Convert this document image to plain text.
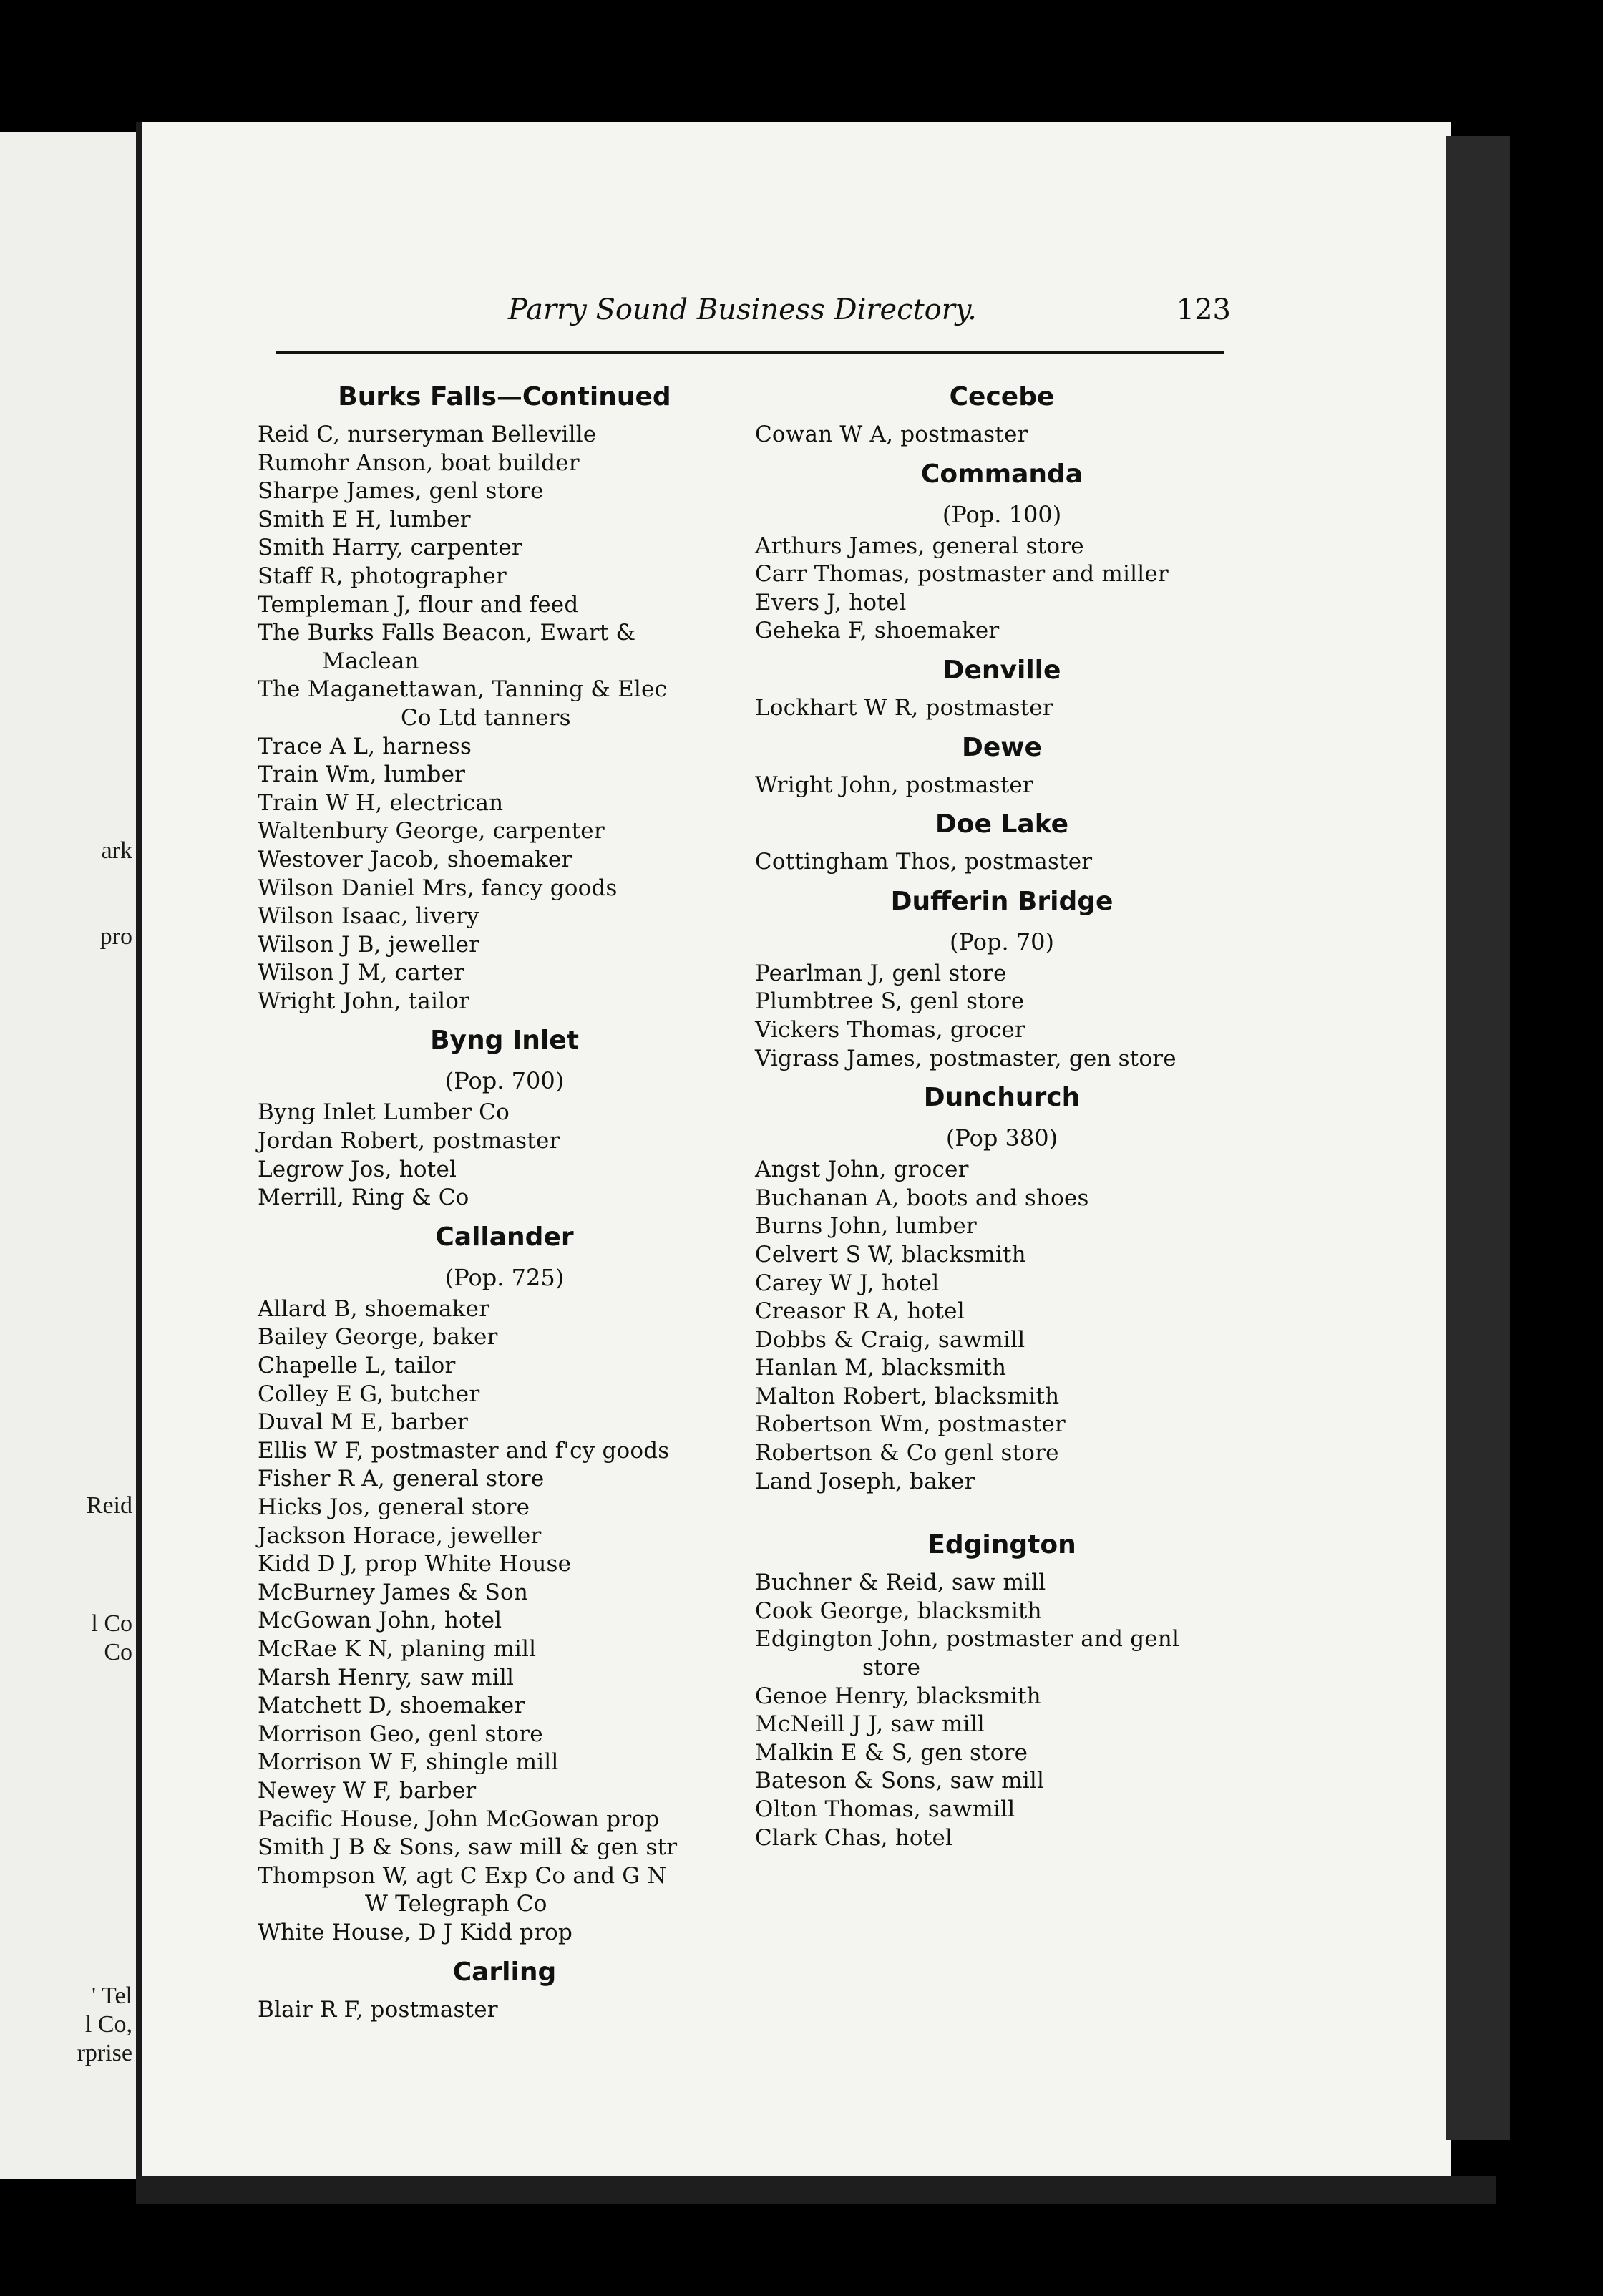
Parry Sound Business Directory.	123
Burks Falls—Continued
Reid C, nurseryman Belleville
Rumohr Anson, boat builder
Sharpe James, genl store
Smith E H, lumber
Smith Harry, carpenter
Staff R, photographer
Templeman J, flour and feed
The Burks Falls Beacon, Ewart &
Maclean
The Maganettawan, Tanning & Elec
Co Ltd tanners
Trace A L, harness
Train Wm, lumber
Train W H, electrican
Waltenbury George, carpenter
Westover Jacob, shoemaker
Wilson Daniel Mrs, fancy goods
Wilson Isaac, livery
Wilson J B, jeweller
Wilson J M, carter
Wright John, tailor
Byng Inlet
(Pop. 700)
Byng Inlet Lumber Co
Jordan Robert, postmaster
Legrow Jos, hotel
Merrill, Ring & Co
Callander
(Pop. 725)
Allard B, shoemaker
Bailey George, baker
Chapelle L, tailor
Colley E G, butcher
Duval M E, barber
Ellis W F, postmaster and f'cy goods
Fisher R A, general store
Hicks Jos, general store
Jackson Horace, jeweller
Kidd D J, prop White House
McBurney James & Son
McGowan John, hotel
McRae K N, planing mill
Marsh Henry, saw mill
Matchett D, shoemaker
Morrison Geo, genl store
Morrison W F, shingle mill
Newey W F, barber
Pacific House, John McGowan prop
Smith J B & Sons, saw mill & gen str
Thompson W, agt C Exp Co and G N
W Telegraph Co
White House, D J Kidd prop
Carling
Blair R F, postmaster
Cecebe
Cowan W A, postmaster
Commanda
(Pop. 100)
Arthurs James, general store
Carr Thomas, postmaster and miller
Evers J, hotel
Geheka F, shoemaker
Denville
Lockhart W R, postmaster
Dewe
Wright John, postmaster
Doe Lake
Cottingham Thos, postmaster
Dufferin Bridge
(Pop. 70)
Pearlman J, genl store
Plumbtree S, genl store
Vickers Thomas, grocer
Vigrass James, postmaster, gen store
Dunchurch
(Pop 380)
Angst John, grocer
Buchanan A, boots and shoes
Burns John, lumber
Celvert S W, blacksmith
Carey W J, hotel
Creasor R A, hotel
Dobbs & Craig, sawmill
Hanlan M, blacksmith
Malton Robert, blacksmith
Robertson Wm, postmaster
Robertson & Co genl store
Land Joseph, baker
Edgington
Buchner & Reid, saw mill
Cook George, blacksmith
Edgington John, postmaster and genl
store
Genoe Henry, blacksmith
McNeill J J, saw mill
Malkin E & S, gen store
Bateson & Sons, saw mill
Olton Thomas, sawmill
Clark Chas, hotel
ark
pro
Reid
l Co
Co
' Tel
l Co,
rprise
